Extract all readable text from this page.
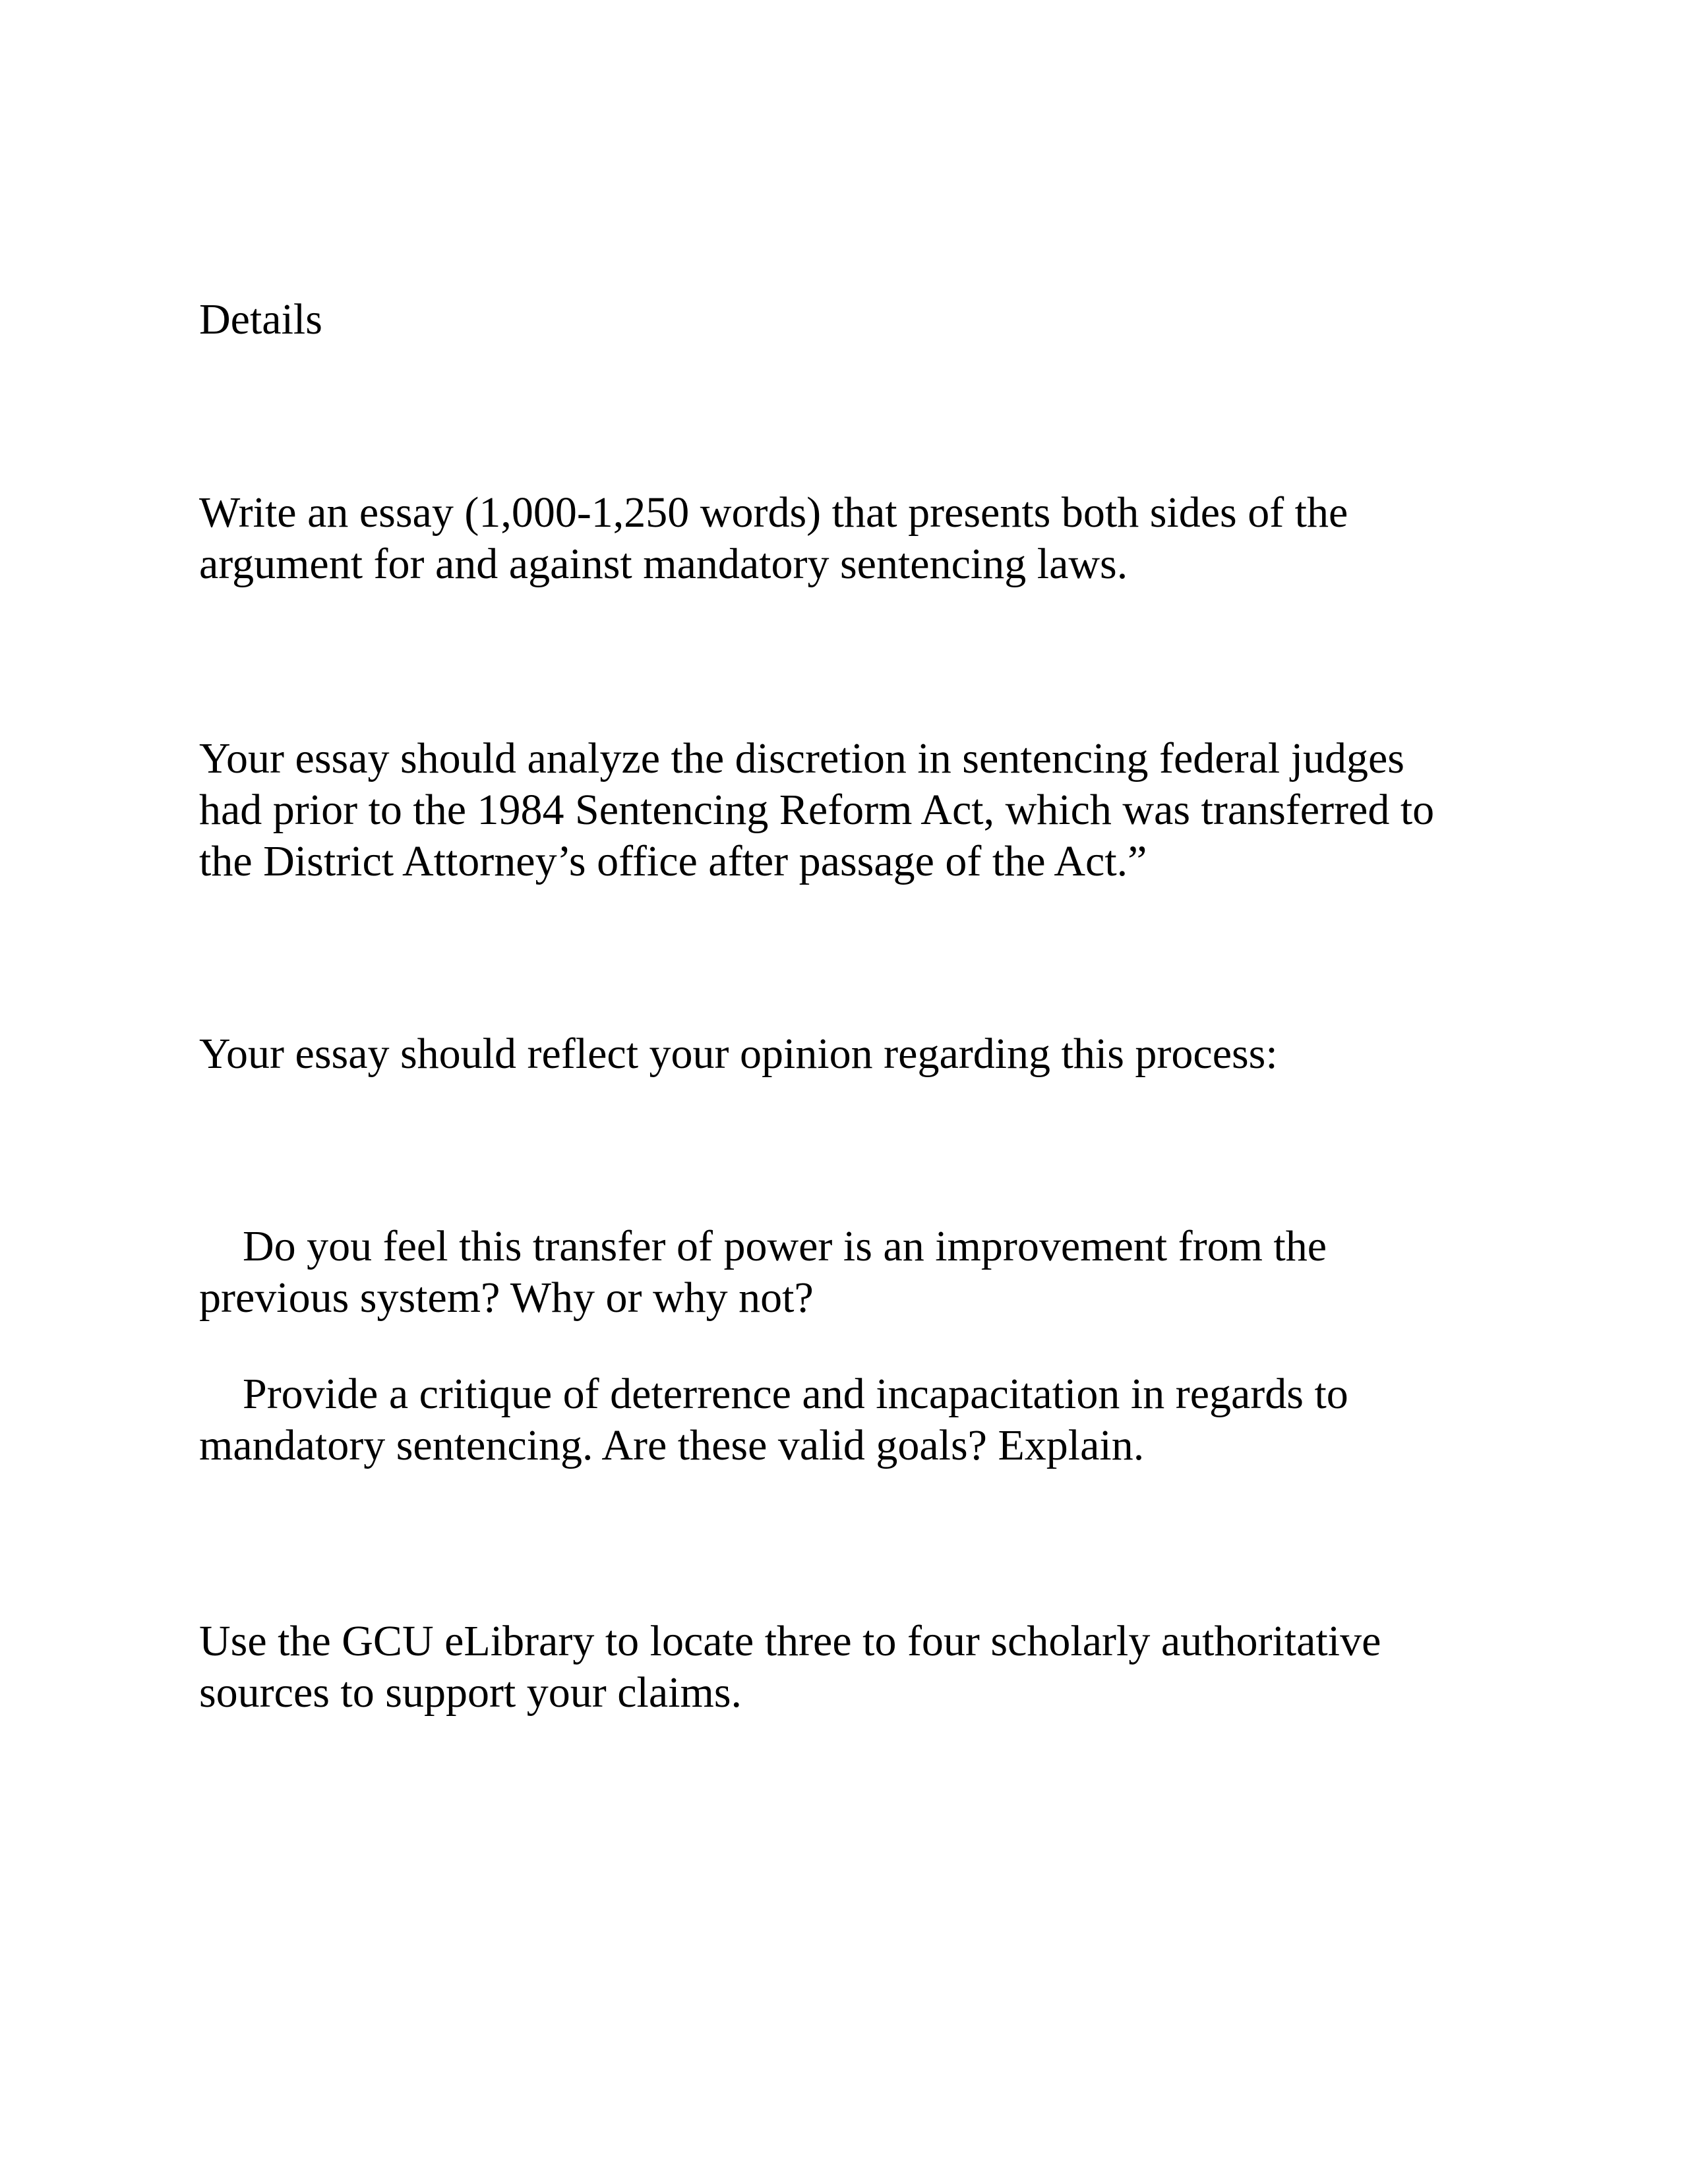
Details

Write an essay (1,000-1,250 words) that presents both sides of the
argument for and against mandatory sentencing laws.

Your essay should analyze the discretion in sentencing federal judges
had prior to the 1984 Sentencing Reform Act, which was transferred to
the District Attorney’s office after passage of the Act.”

Your essay should reflect your opinion regarding this process:

Do you feel this transfer of power is an improvement from the
previous system? Why or why not?

Provide a critique of deterrence and incapacitation in regards to
mandatory sentencing. Are these valid goals? Explain.

Use the GCU eLibrary to locate three to four scholarly authoritative
sources to support your claims.
